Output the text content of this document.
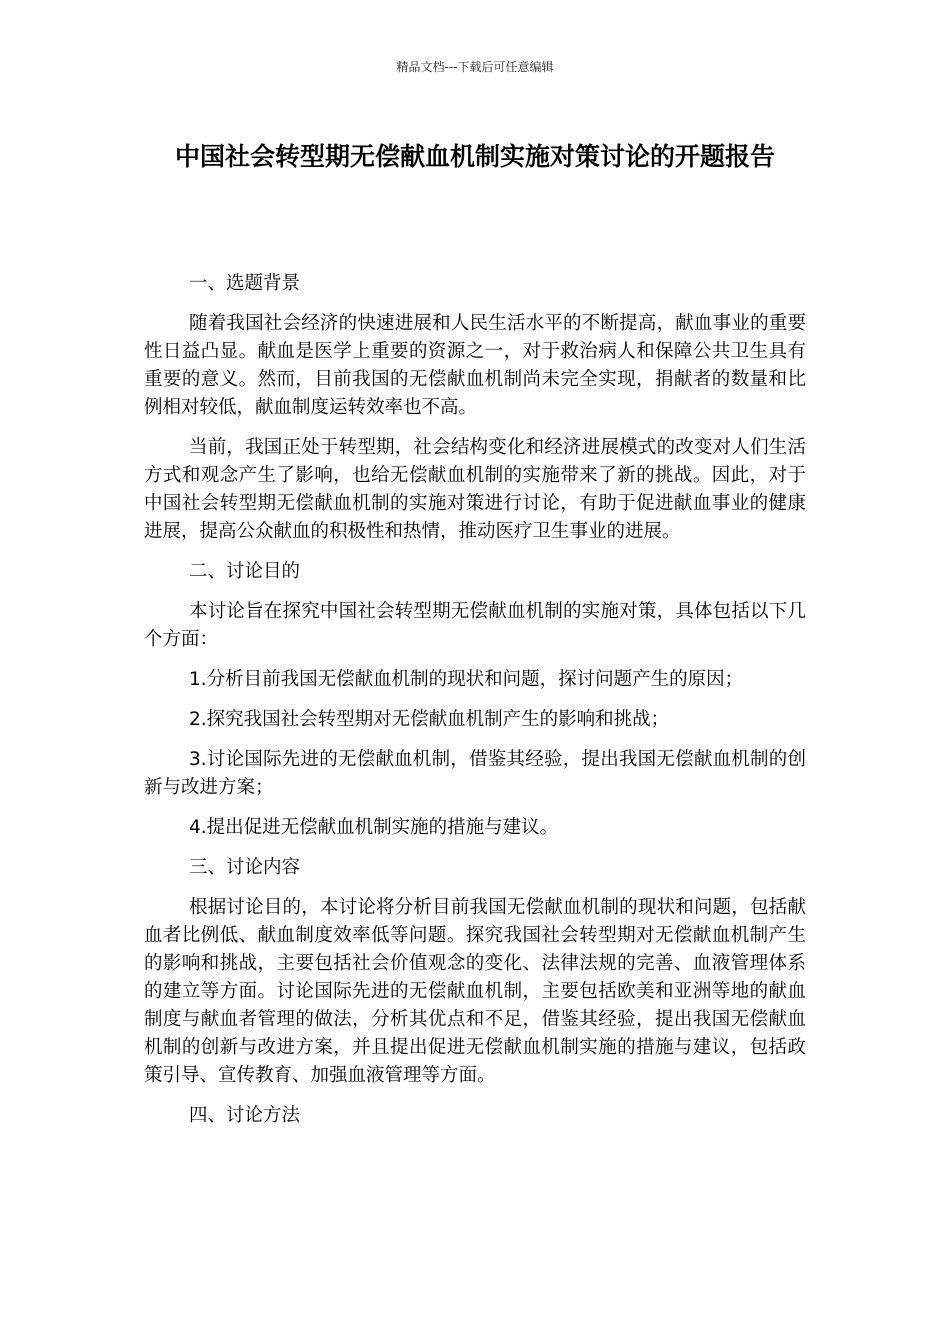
精品文档---下载后可任意编辑
中国社会转型期无偿献血机制实施对策讨论的开题报告

一、选题背景

随着我国社会经济的快速进展和人民生活水平的不断提高，献血事业的重要性日益凸显。献血是医学上重要的资源之一，对于救治病人和保障公共卫生具有重要的意义。然而，目前我国的无偿献血机制尚未完全实现，捐献者的数量和比例相对较低，献血制度运转效率也不高。

当前，我国正处于转型期，社会结构变化和经济进展模式的改变对人们生活方式和观念产生了影响，也给无偿献血机制的实施带来了新的挑战。因此，对于中国社会转型期无偿献血机制的实施对策进行讨论，有助于促进献血事业的健康进展，提高公众献血的积极性和热情，推动医疗卫生事业的进展。

二、讨论目的

本讨论旨在探究中国社会转型期无偿献血机制的实施对策，具体包括以下几个方面：

1.分析目前我国无偿献血机制的现状和问题，探讨问题产生的原因；

2.探究我国社会转型期对无偿献血机制产生的影响和挑战；

3.讨论国际先进的无偿献血机制，借鉴其经验，提出我国无偿献血机制的创新与改进方案；

4.提出促进无偿献血机制实施的措施与建议。

三、讨论内容

根据讨论目的，本讨论将分析目前我国无偿献血机制的现状和问题，包括献血者比例低、献血制度效率低等问题。探究我国社会转型期对无偿献血机制产生的影响和挑战，主要包括社会价值观念的变化、法律法规的完善、血液管理体系的建立等方面。讨论国际先进的无偿献血机制，主要包括欧美和亚洲等地的献血制度与献血者管理的做法，分析其优点和不足，借鉴其经验，提出我国无偿献血机制的创新与改进方案，并且提出促进无偿献血机制实施的措施与建议，包括政策引导、宣传教育、加强血液管理等方面。

四、讨论方法
